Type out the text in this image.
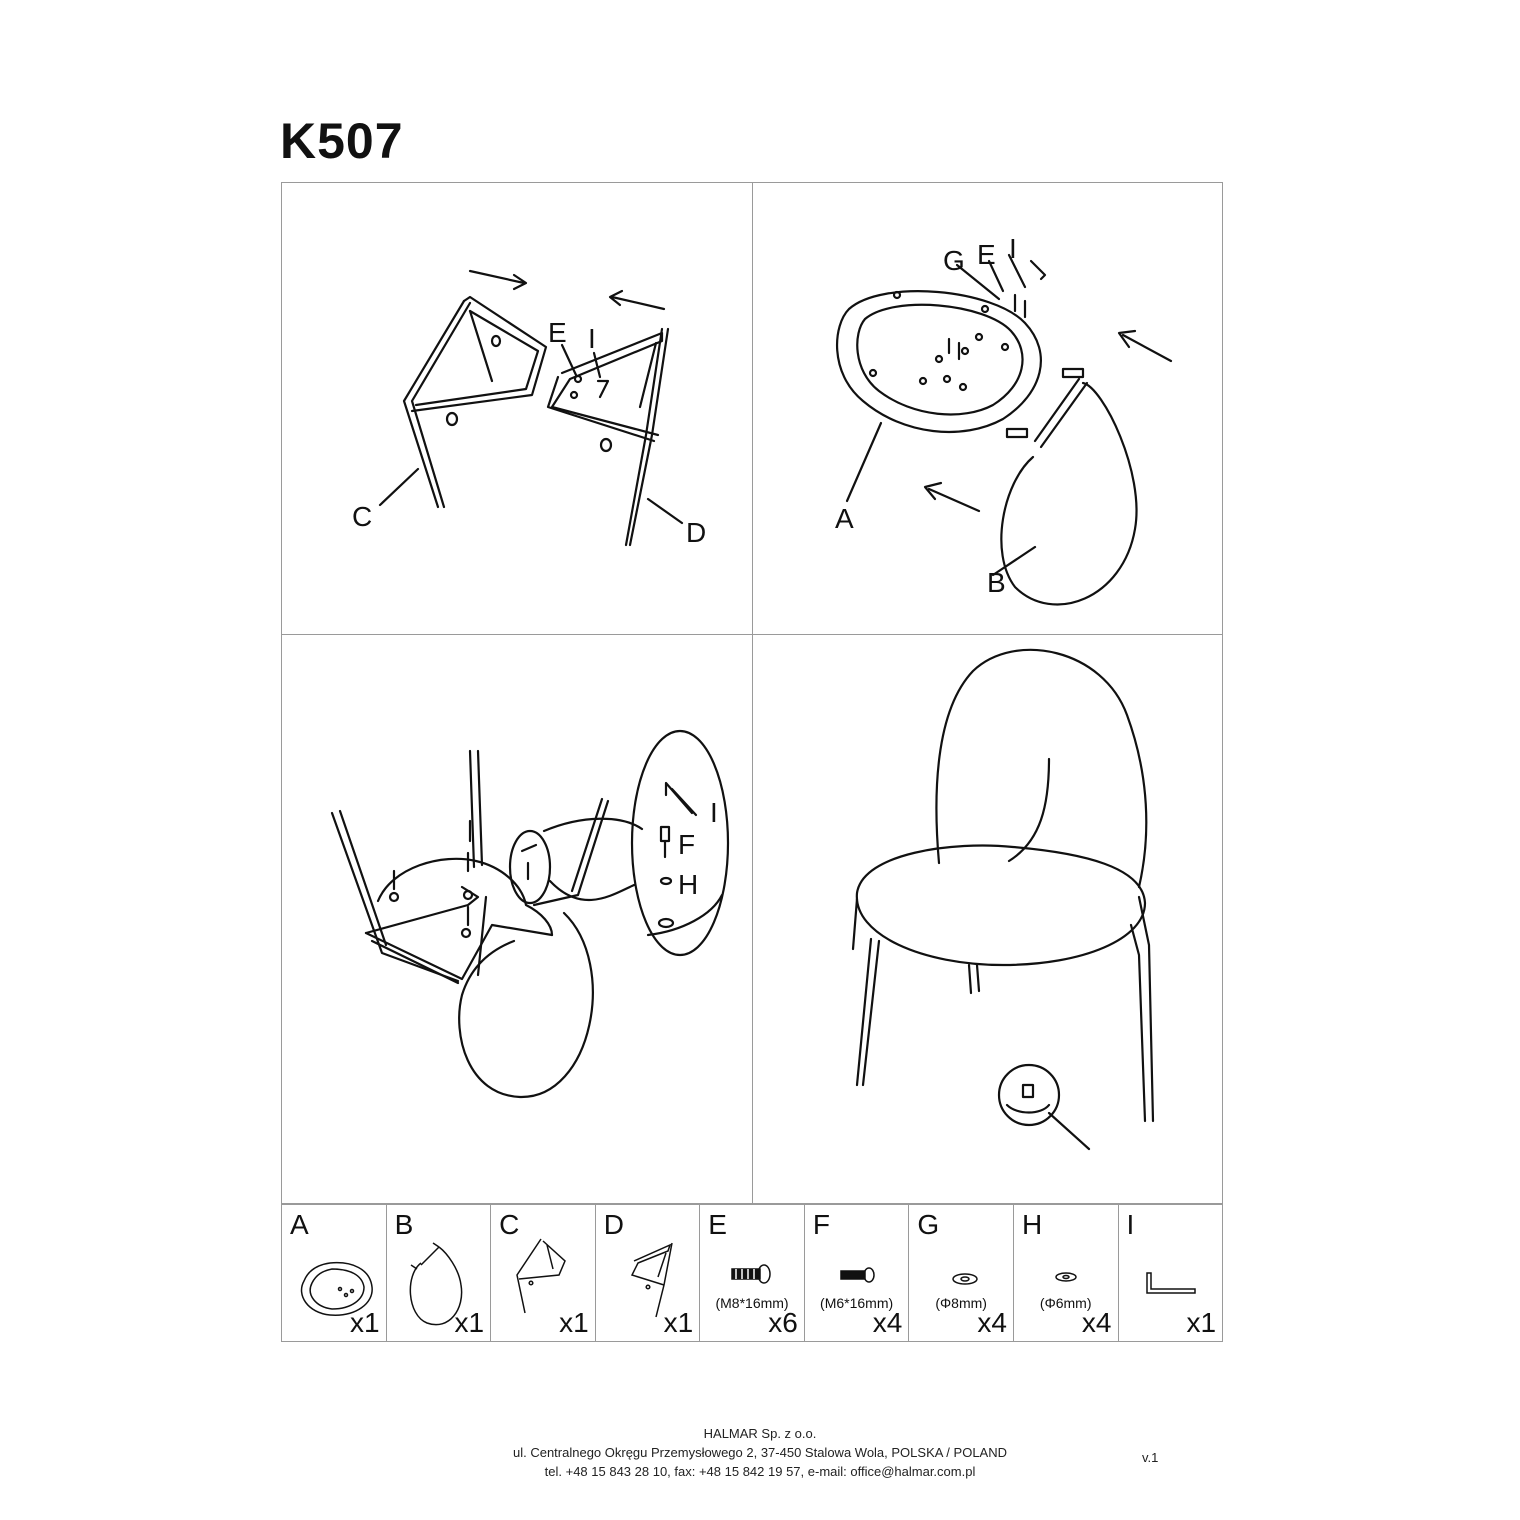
K507
C
D
E I
G E I
A
B
I
F
H
A
x1
B
x1
C
x1
D
x1
E
(M8*16mm)
x6
F
(M6*16mm)
x4
G
(Φ8mm)
x4
H
(Φ6mm)
x4
I
x1
HALMAR Sp. z o.o.
ul. Centralnego Okręgu Przemysłowego 2, 37-450 Stalowa Wola, POLSKA / POLAND
tel. +48 15 843 28 10, fax: +48 15 842 19 57, e-mail: office@halmar.com.pl
v.1
